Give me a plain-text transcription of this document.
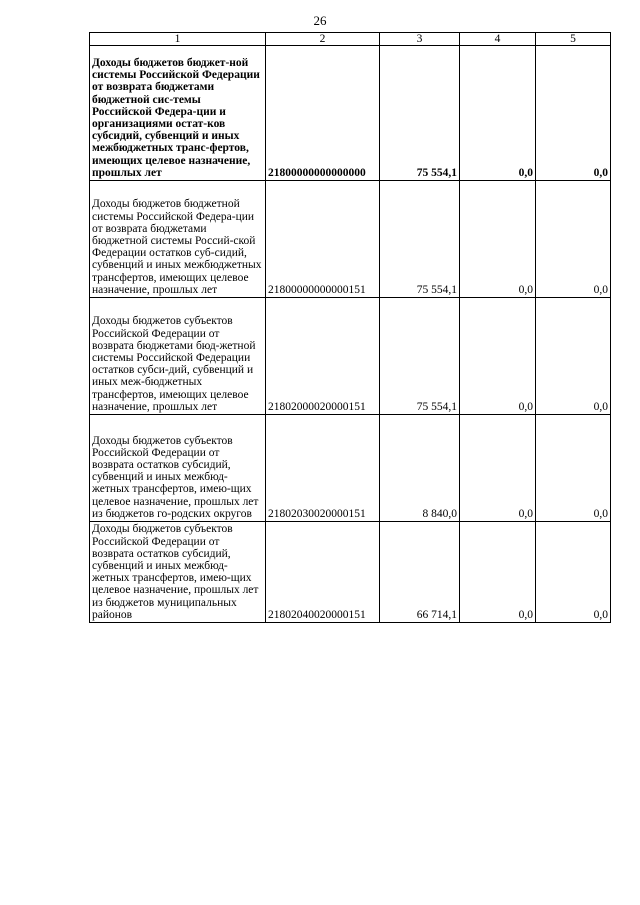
26
1	2	3	4	5
Доходы бюджетов бюджет-ной системы Российской Федерации от возврата бюджетами бюджетной сис-темы Российской Федера-ции и организациями остат-ков субсидий, субвенций и иных межбюджетных транс-фертов, имеющих целевое назначение, прошлых лет	21800000000000000	75 554,1	0,0	0,0
Доходы бюджетов бюджетной системы Российской Федера-ции от возврата бюджетами бюджетной системы Россий-ской Федерации остатков суб-сидий, субвенций и иных межбюджетных трансфертов, имеющих целевое назначение, прошлых лет	21800000000000151	75 554,1	0,0	0,0
Доходы бюджетов субъектов Российской Федерации от возврата бюджетами бюд-жетной системы Российской Федерации остатков субси-дий, субвенций и иных меж-бюджетных трансфертов, имеющих целевое назначение, прошлых лет	21802000020000151	75 554,1	0,0	0,0
Доходы бюджетов субъектов Российской Федерации от возврата остатков субсидий, субвенций и иных межбюд-жетных трансфертов, имею-щих целевое назначение, прошлых лет из бюджетов го-родских округов	21802030020000151	8 840,0	0,0	0,0
Доходы бюджетов субъектов Российской Федерации от возврата остатков субсидий, субвенций и иных межбюд-жетных трансфертов, имею-щих целевое назначение, прошлых лет из бюджетов муниципальных районов	21802040020000151	66 714,1	0,0	0,0
